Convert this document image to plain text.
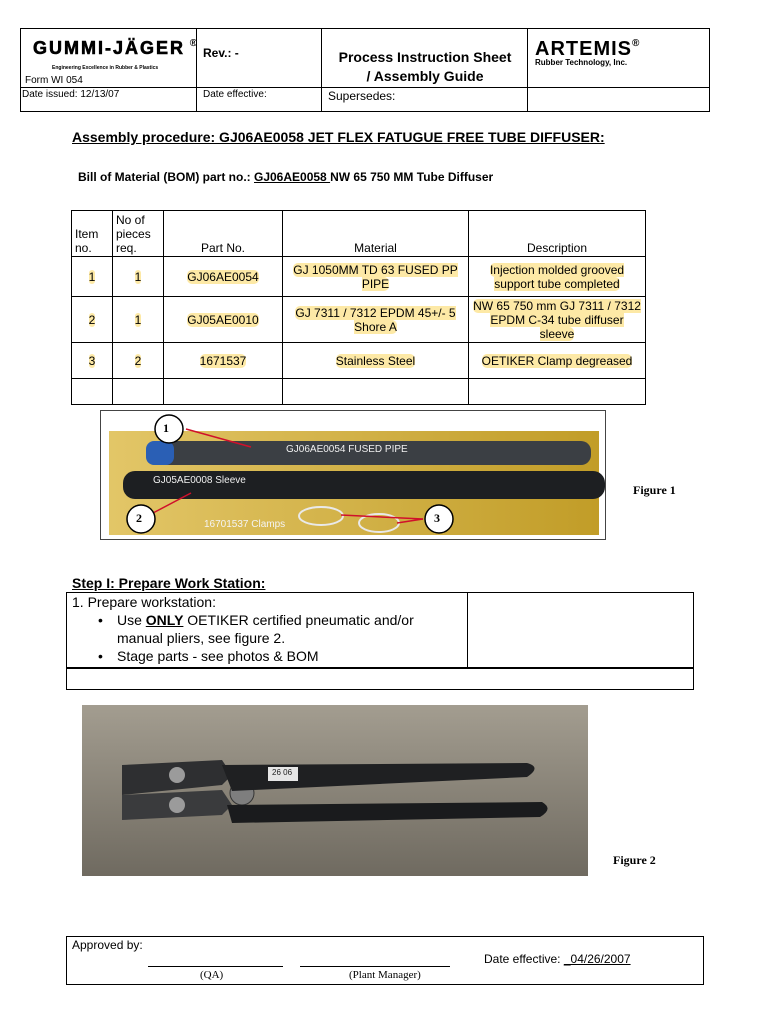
GUMMI-JÄGER ®
Engineering Excellence in Rubber & Plastics
Form WI 054
Rev.: -	Process Instruction Sheet
/ Assembly Guide
ARTEMIS®
Rubber Technology, Inc.
Date issued: 12/13/07	Date effective:	Supersedes:
Assembly procedure: GJ06AE0058 JET FLEX FATUGUE FREE TUBE DIFFUSER:
Bill of Material (BOM) part no.: GJ06AE0058 NW 65 750 MM Tube Diffuser
Item no.	No of pieces req.	Part No.	Material	Description
1	1	GJ06AE0054	GJ 1050MM TD 63 FUSED PP PIPE	Injection molded grooved support tube completed
2	1	GJ05AE0010	GJ 7311 / 7312 EPDM 45+/- 5 Shore A	NW 65 750 mm GJ 7311 / 7312 EPDM C-34 tube diffuser sleeve
3	2	1671537	Stainless Steel	OETIKER Clamp degreased

1
2	3
GJ06AE0054 FUSED PIPE
GJ05AE0008 Sleeve
16701537 Clamps
Figure 1
Step I: Prepare Work Station:
1. Prepare workstation:
• Use ONLY OETIKER certified pneumatic and/or manual pliers, see figure 2.
• Stage parts - see photos & BOM
26 06
Figure 2
Approved by:
(QA)	(Plant Manager)
Date effective: _04/26/2007
